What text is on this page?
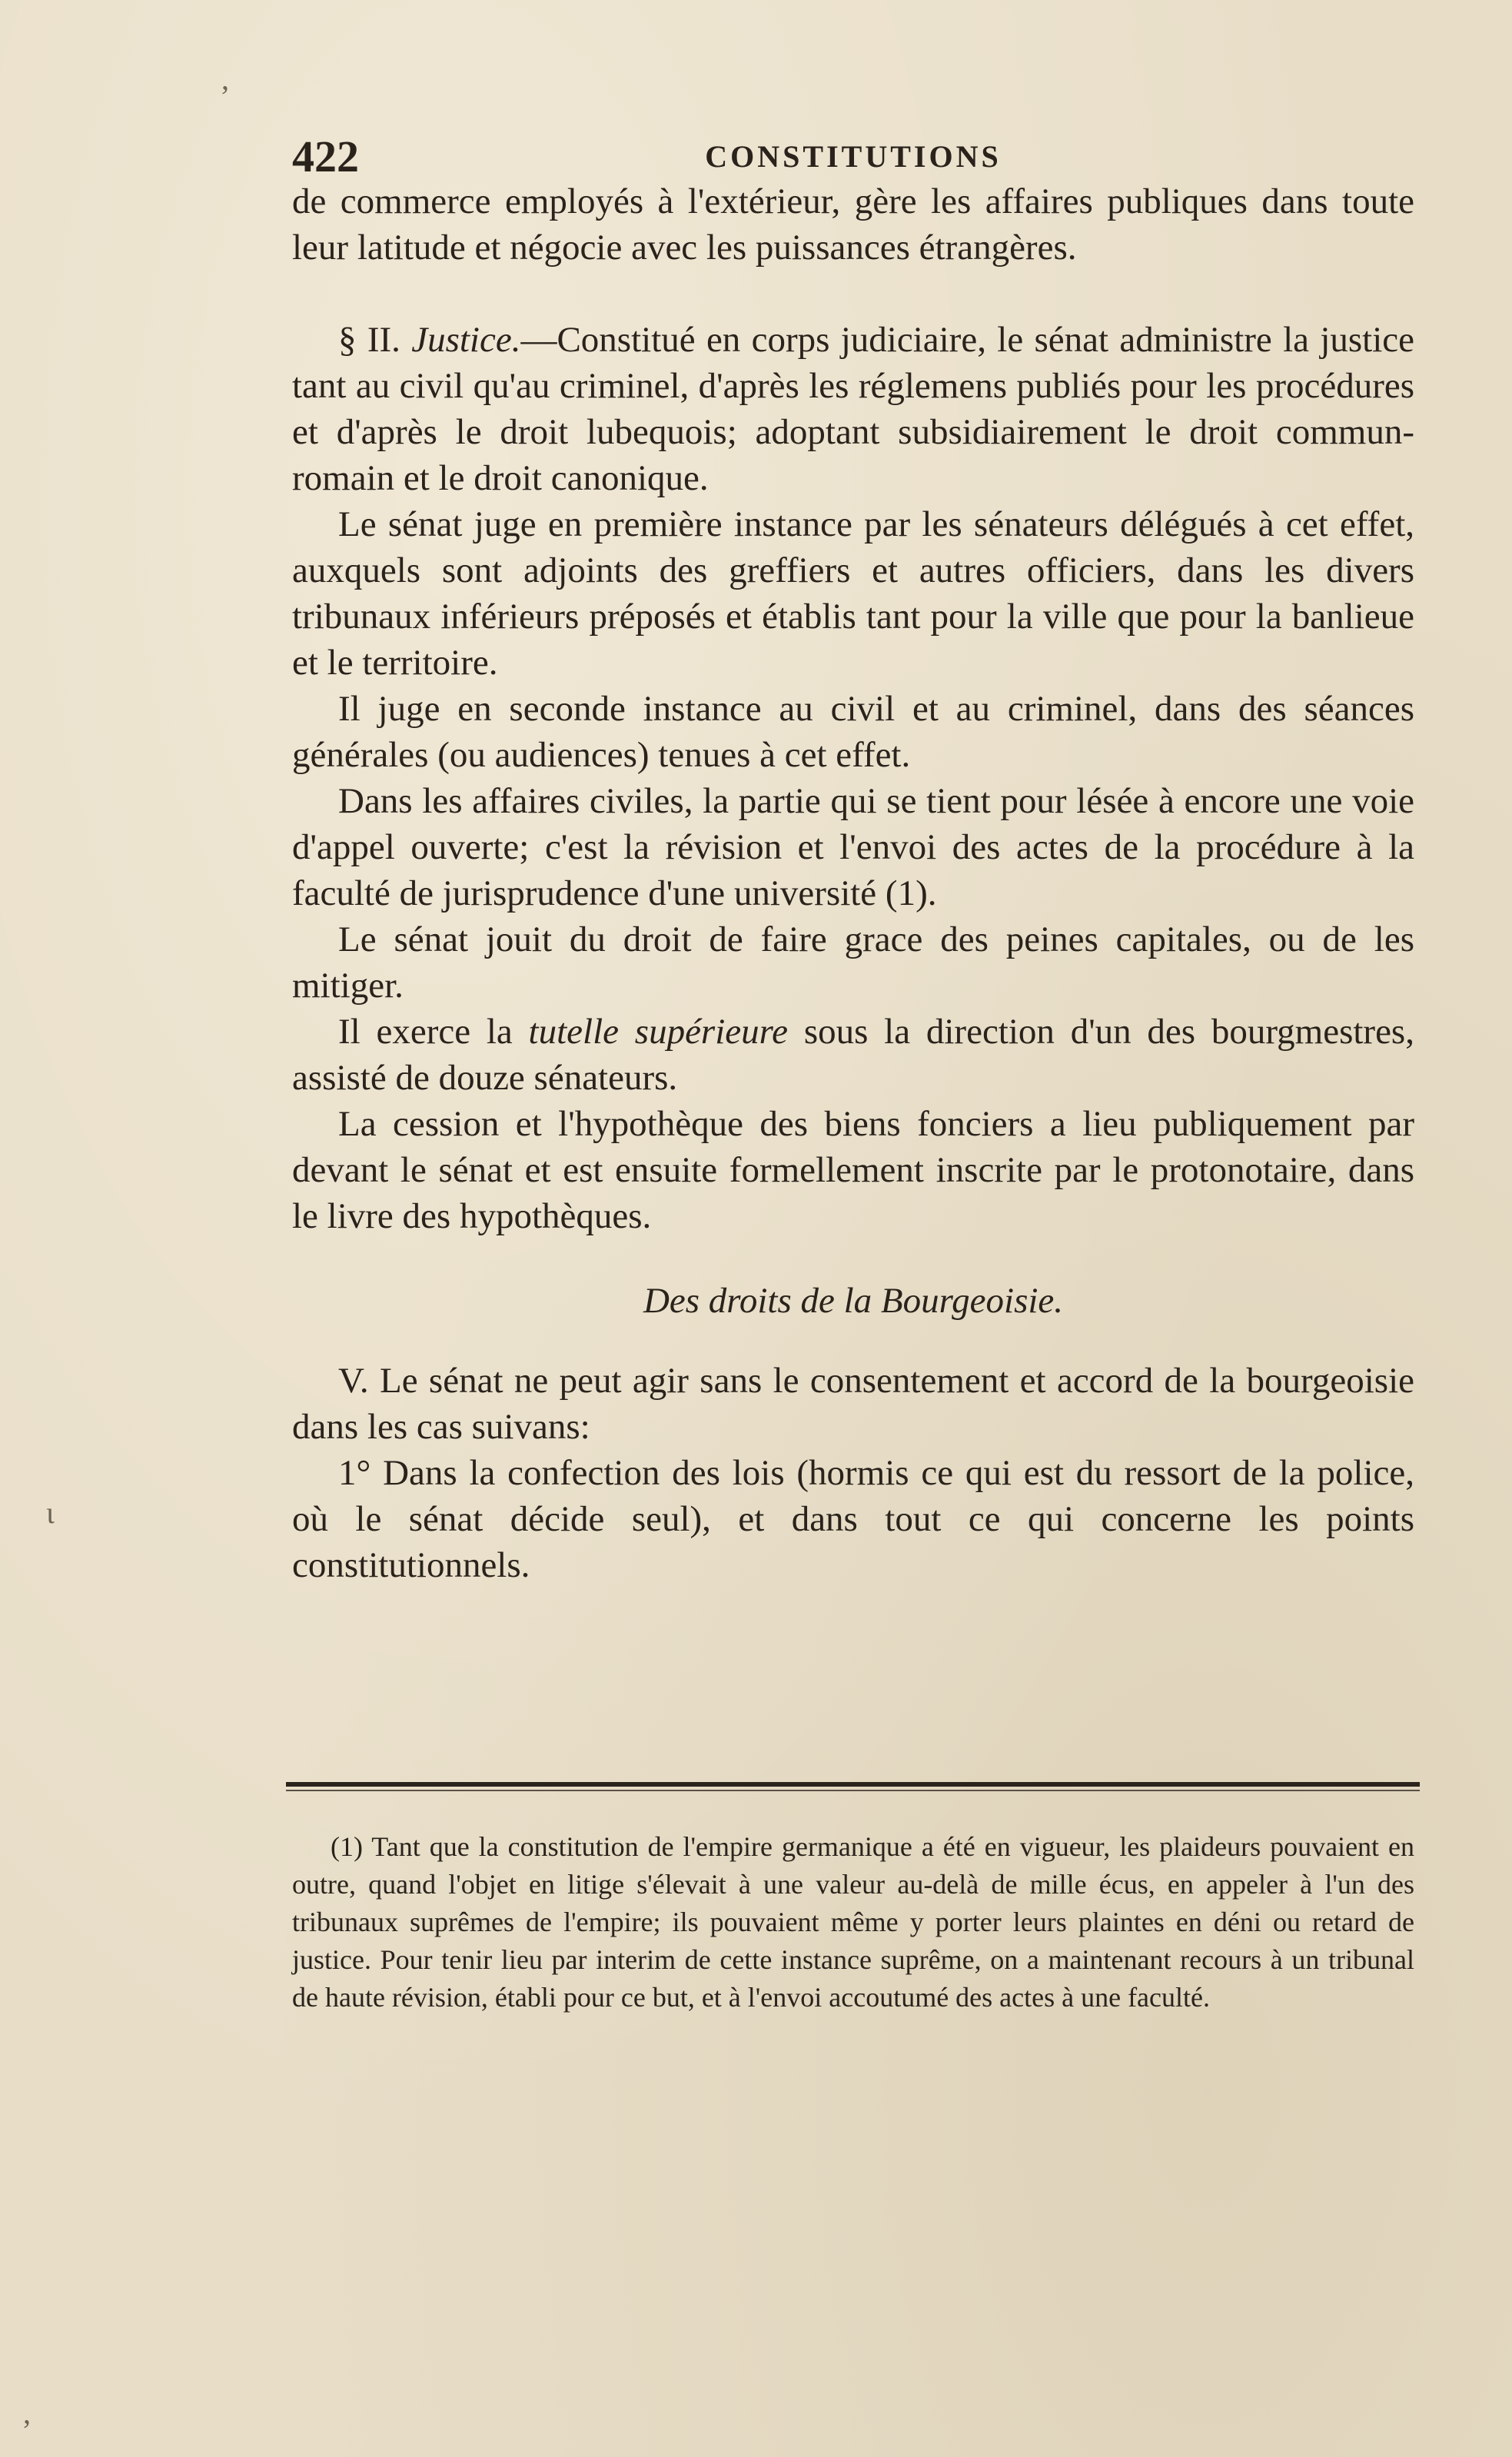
ʼ
ɩ
ʼ
422	CONSTITUTIONS

de commerce employés à l'extérieur, gère les affaires publiques dans toute leur latitude et négocie avec les puissances étrangères.

§ II. Justice.—Constitué en corps judiciaire, le sénat administre la justice tant au civil qu'au criminel, d'après les réglemens publiés pour les procédures et d'après le droit lubequois; adoptant subsidiairement le droit commun-romain et le droit canonique.

Le sénat juge en première instance par les sénateurs délégués à cet effet, auxquels sont adjoints des greffiers et autres officiers, dans les divers tribunaux inférieurs préposés et établis tant pour la ville que pour la banlieue et le territoire.

Il juge en seconde instance au civil et au criminel, dans des séances générales (ou audiences) tenues à cet effet.

Dans les affaires civiles, la partie qui se tient pour lésée à encore une voie d'appel ouverte; c'est la révision et l'envoi des actes de la procédure à la faculté de jurisprudence d'une université (1).

Le sénat jouit du droit de faire grace des peines capitales, ou de les mitiger.

Il exerce la tutelle supérieure sous la direction d'un des bourgmestres, assisté de douze sénateurs.

La cession et l'hypothèque des biens fonciers a lieu publiquement par devant le sénat et est ensuite formellement inscrite par le protonotaire, dans le livre des hypothèques.

Des droits de la Bourgeoisie.

V. Le sénat ne peut agir sans le consentement et accord de la bourgeoisie dans les cas suivans:

1° Dans la confection des lois (hormis ce qui est du ressort de la police, où le sénat décide seul), et dans tout ce qui concerne les points constitutionnels.

(1) Tant que la constitution de l'empire germanique a été en vigueur, les plaideurs pouvaient en outre, quand l'objet en litige s'élevait à une valeur au-delà de mille écus, en appeler à l'un des tribunaux suprêmes de l'empire; ils pouvaient même y porter leurs plaintes en déni ou retard de justice. Pour tenir lieu par interim de cette instance suprême, on a maintenant recours à un tribunal de haute révision, établi pour ce but, et à l'envoi accoutumé des actes à une faculté.
